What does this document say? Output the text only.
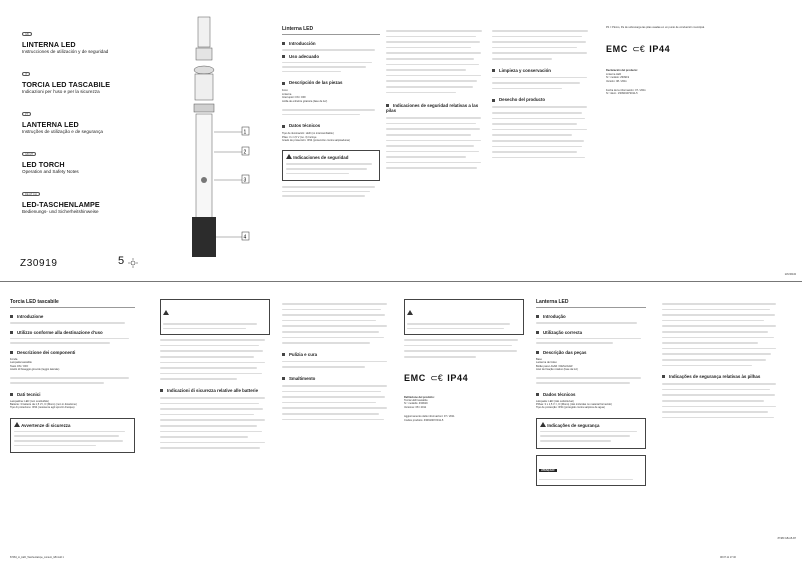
GB

LINTERNA LED
Instrucciones de utilización y de seguridad
IT

TORCIA LED TASCABILE
Indicazioni per l’uso e per la sicurezza
PT

LANTERNA LED
Instruções de utilização e de segurança
GB MT

LED TORCH
Operation and Safety Notes
DE AT CH

LED-TASCHENLAMPE
Bedienungs- und Sicherheitshinweise
Z30919	5
1
2
3
4
Linterna LED
Introducción
Uso adecuado
Descripción de las piezas
Foco
Linterna
Interruptor ON / OFF
Anilla de enhebre giratoria (fase de luz)
Datos técnicos
Tipo de iluminación: LED (no intercambiable)
Pilas: 3 x 1,5 V (no. 3) Incluye
Grado de protección: IP44 (protección contra salpicaduras)
Indicaciones de seguridad
Indicaciones de seguridad relativas a las pilas
Limpieza y conservación
Desecho del producto
Pb = Plomo, Pa de sobrecarga las pilas usadas en un punto de conducción municipal.
EMC ⊂€ IP44
Declaración del producto:
Linterna LED
N.º modelo: Z30919
Versión: 08 / 2011
Fecha de la información: 07 / 2011
N.º ident.: Z30919072011-5
IAN 66434
Torcia LED tascabile
Introduzione
Utilizzo conforme alla destinazione d'uso
Descrizione dei componenti
Fonda
Lampada tascabile
Tasto ON / OFF
Anello di fissaggio girevole (leggio laterale)
Dati tecnici
Lampadina: LED (non sostituibile)
Batterie: 3 batterie da 1,5 V=, D (Mono) (non in dotazione)
Tipo di protezione: IP44 (resistente agli spruzzi d'acqua)
Avvertenze di sicurezza
Indicazioni di sicurezza relative alle batterie
Pulizia e cura
Smaltimento	EMC ⊂€ IP44
Definizione del prodotto:
Torcia LED tascabile
N.º modello: Z30919
Versione: 08 / 2011
Aggiornamento delle informazioni: 07 / 2011
Codice prodotto: Z30919072011-5
Lanterna LED
Introdução
Utilização correcta
Descrição das peças
Base
Lanterna de bolso
Botão para LIGAR / DESLIGAR
Anel de fixação rotativo (fase da luz)
Dados técnicos
Lâmpada: LED (não substituível)
Pilhas: 3 x 1,5 V =, D (Mono) (não incluídas no material fornecido)
Tipo de protecção: IP44 (protegido contra salpicos de água)
Indicações de segurança
ATENÇÃO!
Indicações de segurança relativas às pilhas
87480 GB-A5 AH
87484_Lt_LED_Taschenlampe_content_GB.indd 1	08.07.11 17:46
